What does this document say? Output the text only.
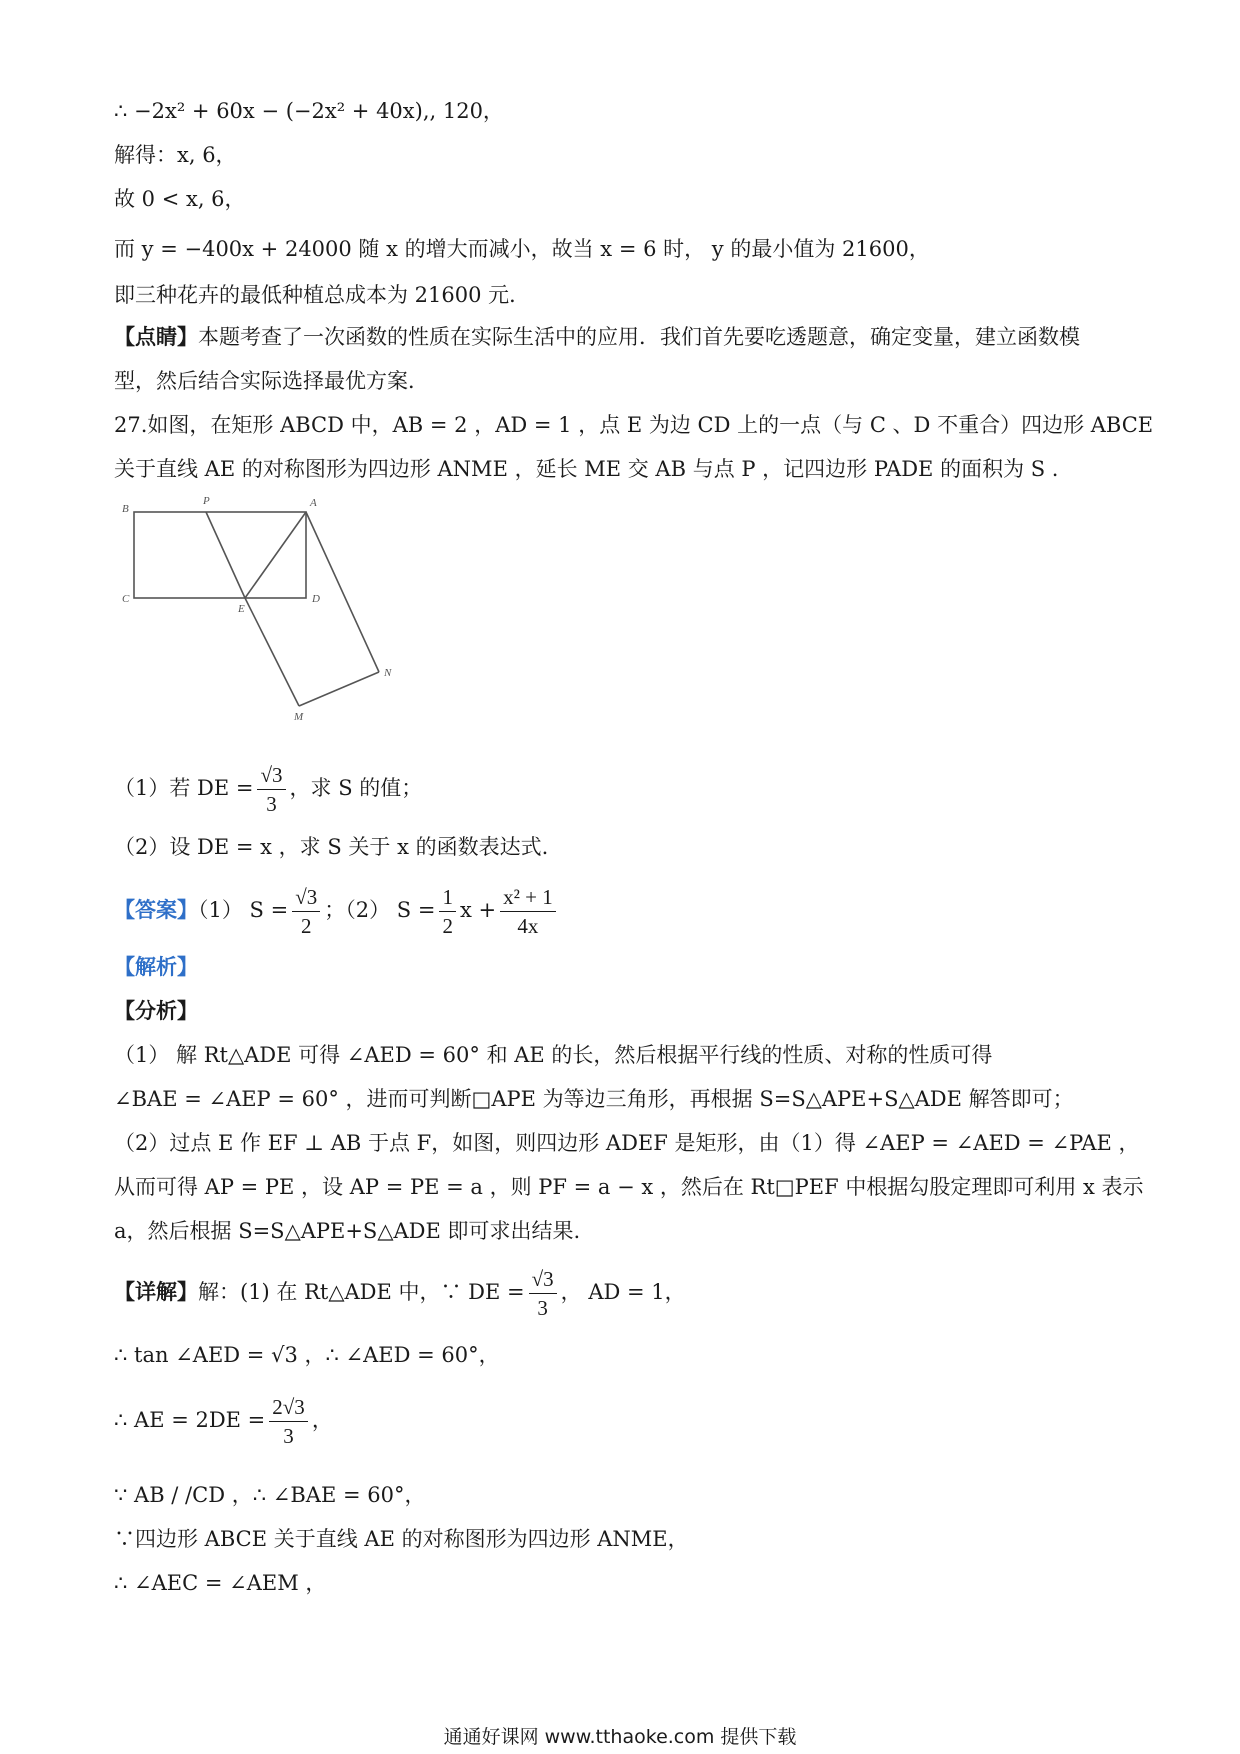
∴ −2x² + 60x − (−2x² + 40x),, 120，
解得：x, 6，
故 0 < x, 6，
而 y = −400x + 24000 随 x 的增大而减小，故当 x = 6 时， y 的最小值为 21600，
即三种花卉的最低种植总成本为 21600 元．
【点睛】本题考查了一次函数的性质在实际生活中的应用．我们首先要吃透题意，确定变量，建立函数模
型，然后结合实际选择最优方案．
27.如图，在矩形 ABCD 中，AB = 2 ，AD = 1 ，点 E 为边 CD 上的一点（与 C 、D 不重合）四边形 ABCE
关于直线 AE 的对称图形为四边形 ANME ，延长 ME 交 AB 与点 P ，记四边形 PADE 的面积为 S .
B
P	A
C
E
D
N
M
（1）若 DE = $\frac{√3}{3}$ ，求 S 的值；
（2）设 DE = x ，求 S 关于 x 的函数表达式.
【答案】（1） $S = \frac{√3}{2}$ ；（2） $S = \frac{1}{2}$ $x + \frac{\text{x² + 1}}{4x}$
【解析】
【分析】
（1） 解 Rt△ADE 可得 ∠AED = 60° 和 AE 的长，然后根据平行线的性质、对称的性质可得
∠BAE = ∠AEP = 60° ，进而可判断□APE 为等边三角形，再根据 S=S△APE+S△ADE 解答即可；
（2）过点 E 作 EF ⊥ AB 于点 F，如图，则四边形 ADEF 是矩形，由（1）得 ∠AEP = ∠AED = ∠PAE ，
从而可得 AP = PE ，设 AP = PE = a ，则 PF = a − x ，然后在 Rt□PEF 中根据勾股定理即可利用 x 表示
a，然后根据 S=S△APE+S△ADE 即可求出结果.
【详解】解：(1) 在 Rt△ADE 中，∵ DE = $\frac{√3}{3}$ ， AD = 1，
∴ tan ∠AED = √3 ，∴ ∠AED = 60°，
∴ AE = $2DE = \frac{2√3}{3}$ ，
∵ AB / /CD ，∴ ∠BAE = 60°，
∵四边形 ABCE 关于直线 AE 的对称图形为四边形 ANME，
∴ ∠AEC = ∠AEM ，
通通好课网 www.tthaoke.com 提供下载
